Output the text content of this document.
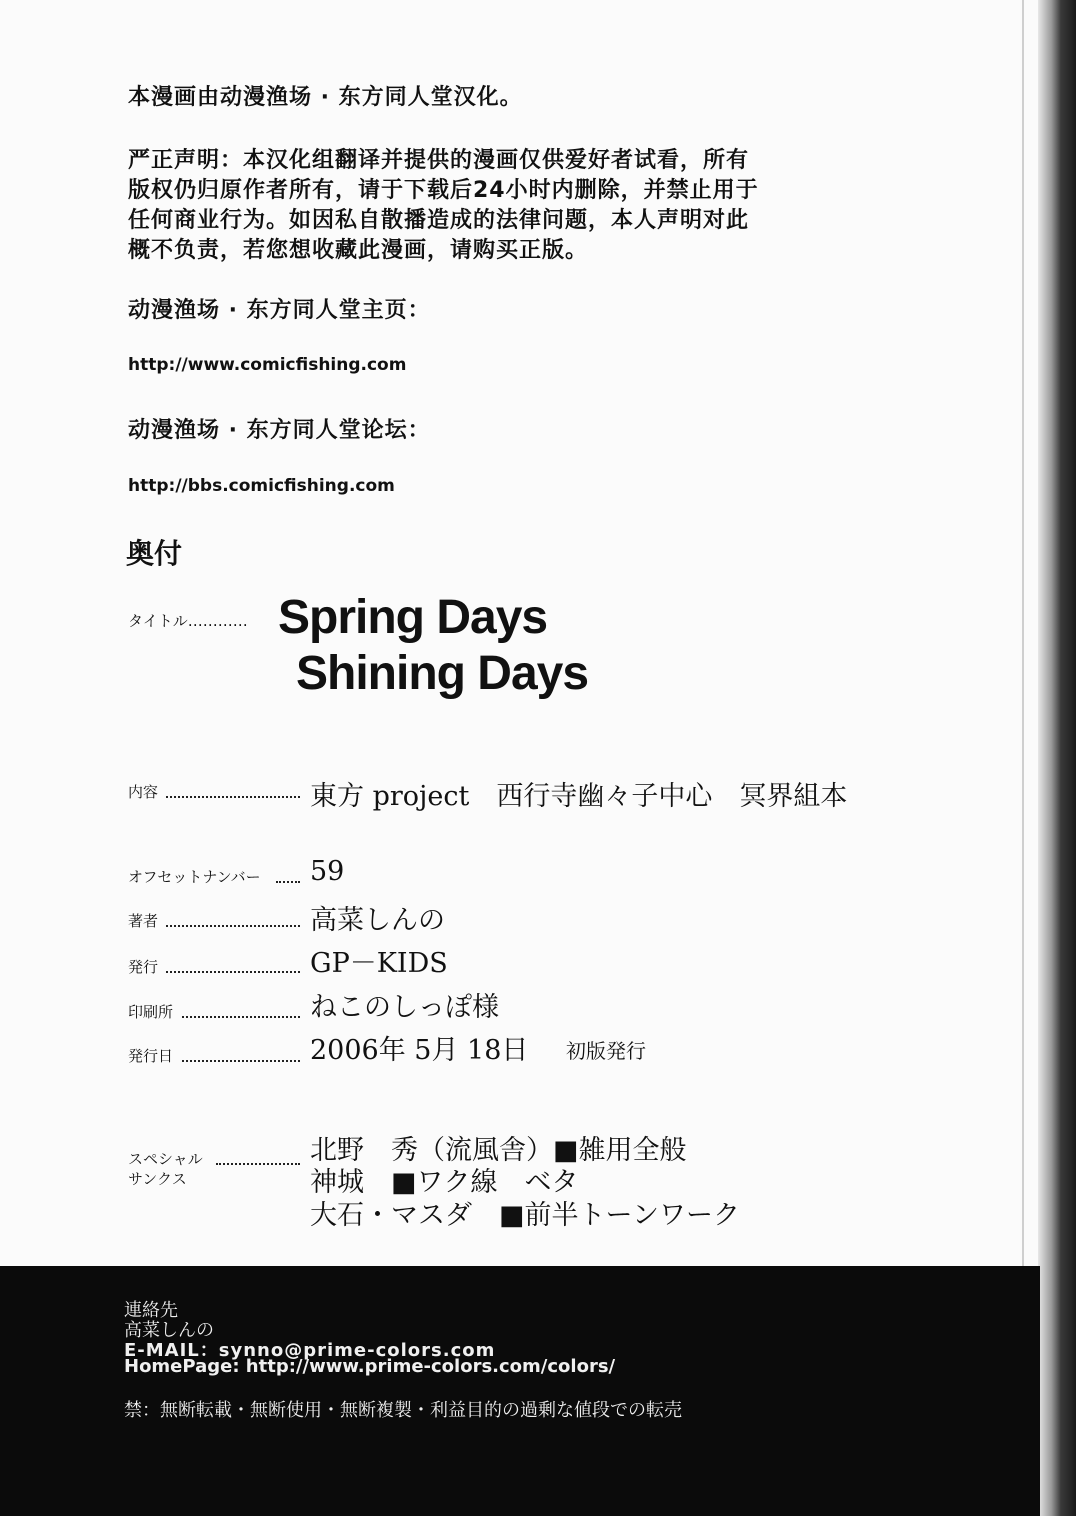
本漫画由动漫渔场 · 东方同人堂汉化。
严正声明：本汉化组翻译并提供的漫画仅供爱好者试看，所有
版权仍归原作者所有，请于下载后24小时内删除，并禁止用于
任何商业行为。如因私自散播造成的法律问题，本人声明对此
概不负责，若您想收藏此漫画，请购买正版。
动漫渔场 · 东方同人堂主页：
http://www.comicfishing.com
动漫渔场 · 东方同人堂论坛：
http://bbs.comicfishing.com
奥付
タイトル………… Spring Days
Shining Days
内容	東方 project　西行寺幽々子中心　冥界組本
オフセットナンバー 59
著者	高菜しんの
発行	GP－KIDS
印刷所	ねこのしっぽ様
発行日	2006年 5月 18日 初版発行
スペシャル
サンクス
北野　秀（流風舎）■雑用全般
神城　■ワク線　ベタ
大石・マスダ　■前半トーンワーク
連絡先
高菜しんの
E-MAIL：synno@prime-colors.com
HomePage: http://www.prime-colors.com/colors/
禁：無断転載・無断使用・無断複製・利益目的の過剰な値段での転売
